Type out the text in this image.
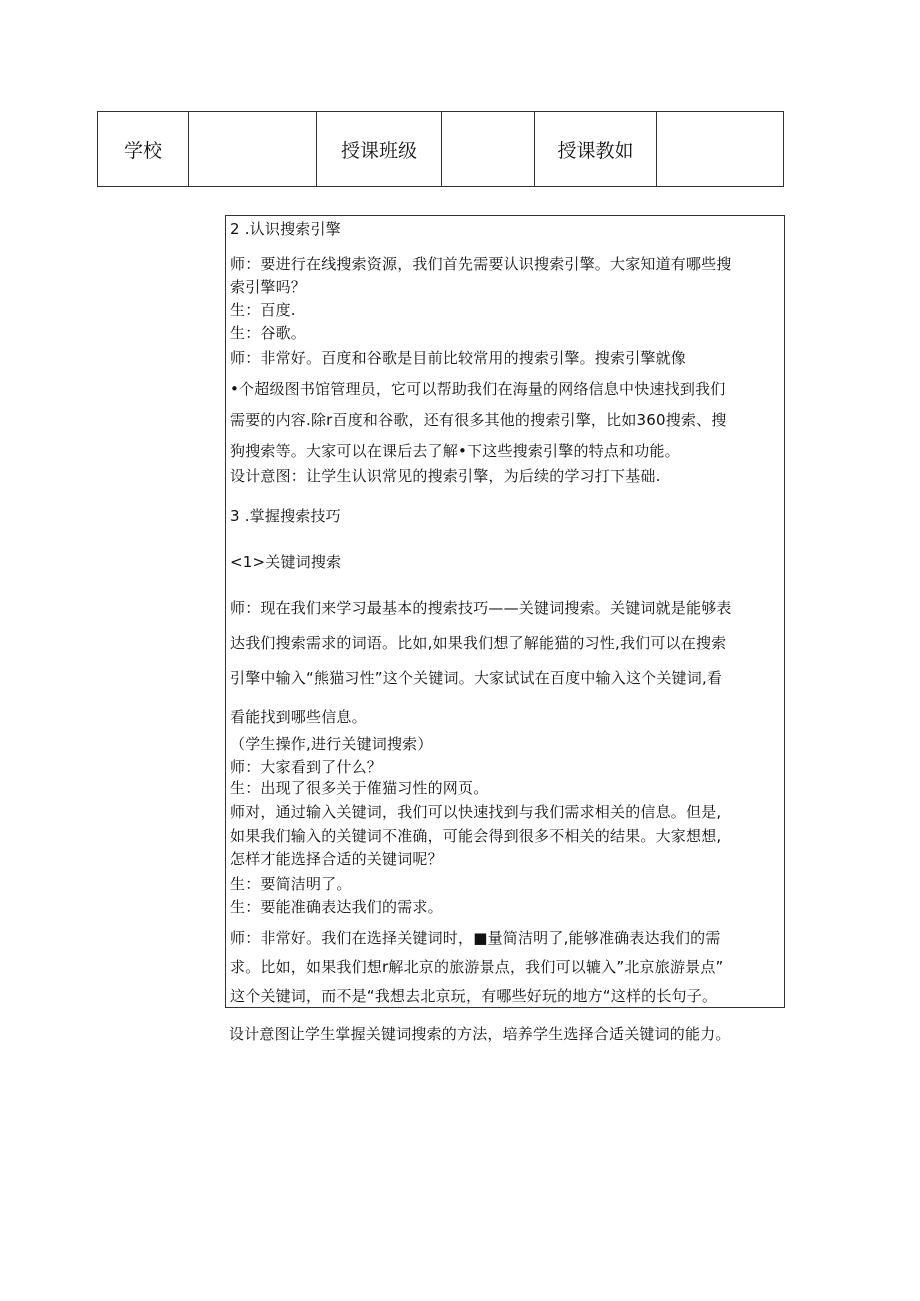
学校		授课班级		授课教如	

2 .认识搜索引擎

师：要进行在线搜索资源，我们首先需要认识搜索引擎。大家知道有哪些搜

索引擎吗？

生：百度.

生：谷歌。

师：非常好。百度和谷歌是目前比较常用的搜索引擎。搜索引擎就像

•个超级图书馆管理员，它可以帮助我们在海量的网络信息中快速找到我们

需要的内容.除r百度和谷歌，还有很多其他的搜索引擎，比如360搜索、搜

狗搜索等。大家可以在课后去了解•下这些搜索引擎的特点和功能。

设计意图：让学生认识常见的搜索引擎，为后续的学习打下基础.

3 .掌握搜索技巧

<1>关键词搜索

师：现在我们来学习最基本的搜索技巧——关键词搜索。关键词就是能够表

达我们搜索需求的词语。比如,如果我们想了解能猫的习性,我们可以在搜索

引擎中输入“熊猫习性”这个关键词。大家试试在百度中输入这个关键词,看

看能找到哪些信息。

（学生操作,进行关键词搜索）

师：大家看到了什么？

生：出现了很多关于傕猫习性的网页。

师对，通过输入关键词，我们可以快速找到与我们需求相关的信息。但是,

如果我们输入的关键词不准确，可能会得到很多不相关的结果。大家想想,

怎样才能选择合适的关键词呢？

生：要简洁明了。

生：要能准确表达我们的需求。

师：非常好。我们在选择关键词时，■量简洁明了,能够准确表达我们的需

求。比如，如果我们想r解北京的旅游景点，我们可以辘入”北京旅游景点”

这个关键词，而不是“我想去北京玩，有哪些好玩的地方“这样的长句子。

设计意图让学生掌握关键词搜索的方法，培养学生选择合适关键词的能力。
